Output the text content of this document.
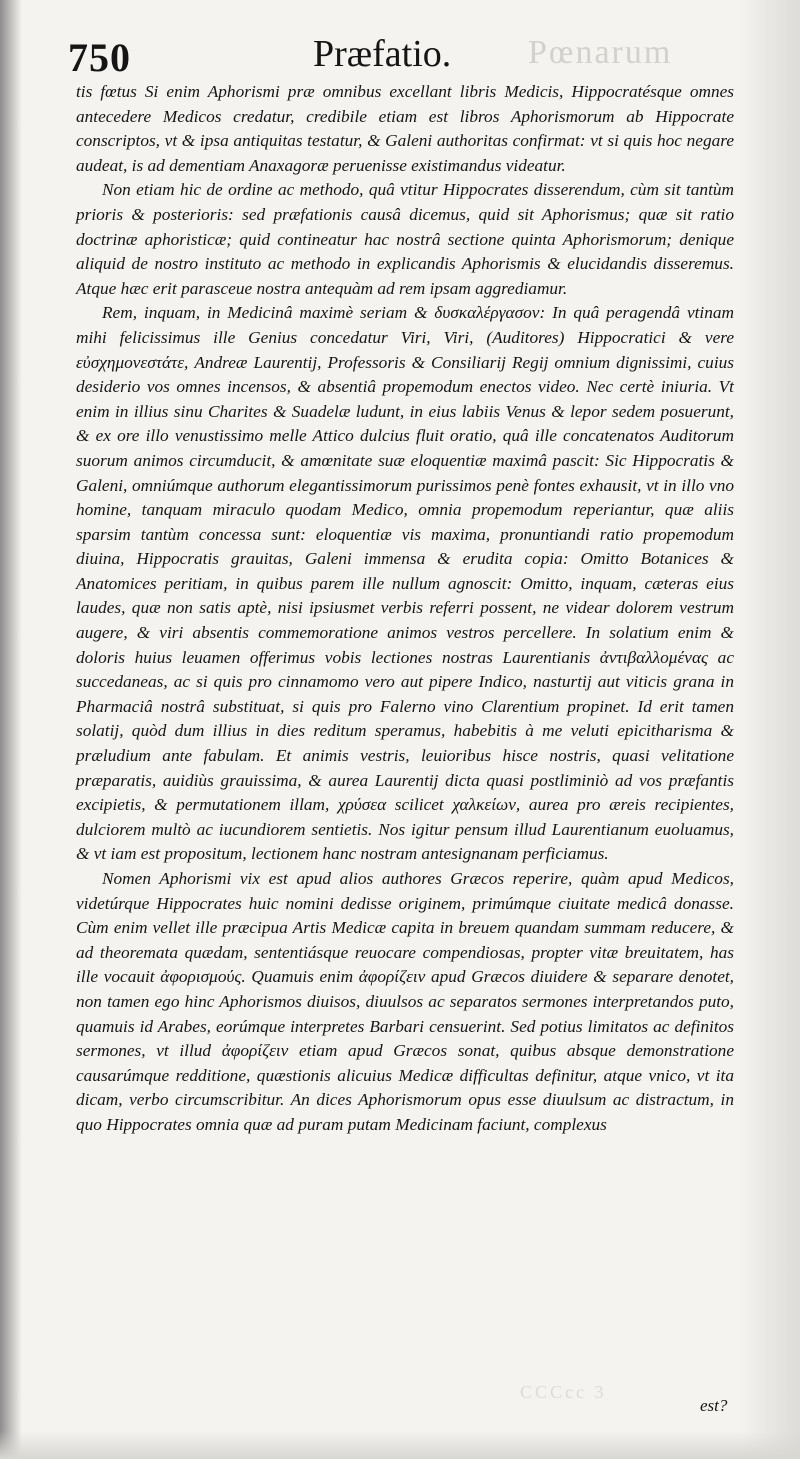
750	Præfatio. Pœnarum

tis fœtus Si enim Aphorismi præ omnibus excellant libris Medicis, Hippocratésque omnes antecedere Medicos credatur, credibile etiam est libros Aphorismorum ab Hippocrate conscriptos, vt & ipsa antiquitas testatur, & Galeni authoritas confirmat: vt si quis hoc negare audeat, is ad dementiam Anaxagoræ peruenisse existimandus videatur.

Non etiam hic de ordine ac methodo, quâ vtitur Hippocrates disserendum, cùm sit tantùm prioris & posterioris: sed præfationis causâ dicemus, quid sit Aphorismus; quæ sit ratio doctrinæ aphoristicæ; quid contineatur hac nostrâ sectione quinta Aphorismorum; denique aliquid de nostro instituto ac methodo in explicandis Aphorismis & elucidandis disseremus. Atque hæc erit parasceue nostra antequàm ad rem ipsam aggrediamur.

Rem, inquam, in Medicinâ maximè seriam & δυσκαλέργασον: In quâ peragendâ vtinam mihi felicissimus ille Genius concedatur Viri, Viri, (Auditores) Hippocratici & vere εὐσχημονεστάτε, Andreæ Laurentij, Professoris & Consiliarij Regij omnium dignissimi, cuius desiderio vos omnes incensos, & absentiâ propemodum enectos video. Nec certè iniuria. Vt enim in illius sinu Charites & Suadelæ ludunt, in eius labiis Venus & lepor sedem posuerunt, & ex ore illo venustissimo melle Attico dulcius fluit oratio, quâ ille concatenatos Auditorum suorum animos circumducit, & amœnitate suæ eloquentiæ maximâ pascit: Sic Hippocratis & Galeni, omniúmque authorum elegantissimorum purissimos penè fontes exhausit, vt in illo vno homine, tanquam miraculo quodam Medico, omnia propemodum reperiantur, quæ aliis sparsim tantùm concessa sunt: eloquentiæ vis maxima, pronuntiandi ratio propemodum diuina, Hippocratis grauitas, Galeni immensa & erudita copia: Omitto Botanices & Anatomices peritiam, in quibus parem ille nullum agnoscit: Omitto, inquam, cæteras eius laudes, quæ non satis aptè, nisi ipsiusmet verbis referri possent, ne videar dolorem vestrum augere, & viri absentis commemoratione animos vestros percellere. In solatium enim & doloris huius leuamen offerimus vobis lectiones nostras Laurentianis ἀντιβαλλομένας ac succedaneas, ac si quis pro cinnamomo vero aut pipere Indico, nasturtij aut viticis grana in Pharmaciâ nostrâ substituat, si quis pro Falerno vino Clarentium propinet. Id erit tamen solatij, quòd dum illius in dies reditum speramus, habebitis à me veluti epicitharisma & præludium ante fabulam. Et animis vestris, leuioribus hisce nostris, quasi velitatione præparatis, auidiùs grauissima, & aurea Laurentij dicta quasi postliminiò ad vos præfantis excipietis, & permutationem illam, χρύσεα scilicet χαλκείων, aurea pro æreis recipientes, dulciorem multò ac iucundiorem sentietis. Nos igitur pensum illud Laurentianum euoluamus, & vt iam est propositum, lectionem hanc nostram antesignanam perficiamus.

Nomen Aphorismi vix est apud alios authores Græcos reperire, quàm apud Medicos, videtúrque Hippocrates huic nomini dedisse originem, primúmque ciuitate medicâ donasse. Cùm enim vellet ille præcipua Artis Medicæ capita in breuem quandam summam reducere, & ad theoremata quædam, sententiásque reuocare compendiosas, propter vitæ breuitatem, has ille vocauit ἀφορισμούς. Quamuis enim ἀφορίζειν apud Græcos diuidere & separare denotet, non tamen ego hinc Aphorismos diuisos, diuulsos ac separatos sermones interpretandos puto, quamuis id Arabes, eorúmque interpretes Barbari censuerint. Sed potius limitatos ac definitos sermones, vt illud ἀφορίζειν etiam apud Græcos sonat, quibus absque demonstratione causarúmque redditione, quæstionis alicuius Medicæ difficultas definitur, atque vnico, vt ita dicam, verbo circumscribitur. An dices Aphorismorum opus esse diuulsum ac distractum, in quo Hippocrates omnia quæ ad puram putam Medicinam faciunt, complexus

CCCcc 3
est?
